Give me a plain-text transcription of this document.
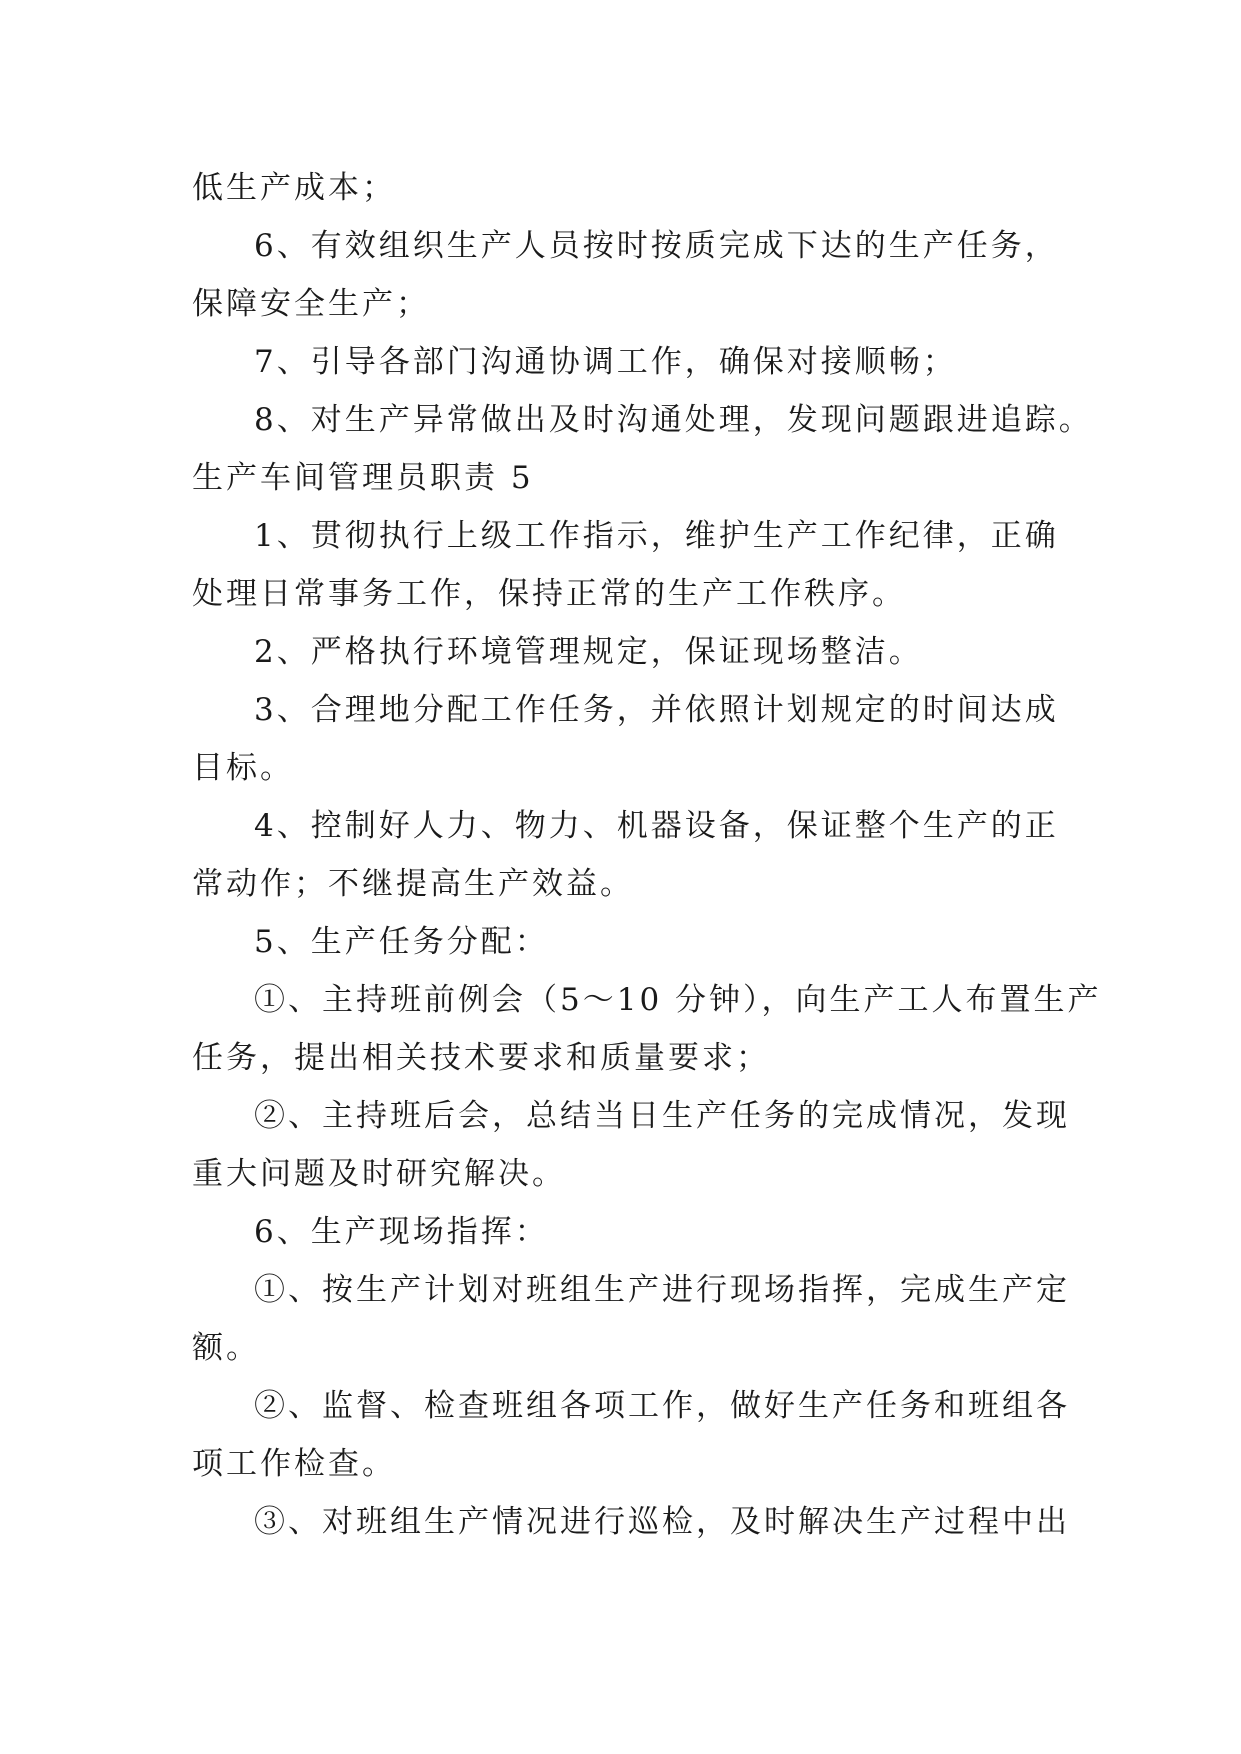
低生产成本；
6、有效组织生产人员按时按质完成下达的生产任务，
保障安全生产；
7、引导各部门沟通协调工作，确保对接顺畅；
8、对生产异常做出及时沟通处理，发现问题跟进追踪。
生产车间管理员职责 5
1、贯彻执行上级工作指示，维护生产工作纪律，正确
处理日常事务工作，保持正常的生产工作秩序。
2、严格执行环境管理规定，保证现场整洁。
3、合理地分配工作任务，并依照计划规定的时间达成
目标。
4、控制好人力、物力、机器设备，保证整个生产的正
常动作；不继提高生产效益。
5、生产任务分配：
①、主持班前例会（5～10 分钟），向生产工人布置生产
任务，提出相关技术要求和质量要求；
②、主持班后会，总结当日生产任务的完成情况，发现
重大问题及时研究解决。
6、生产现场指挥：
①、按生产计划对班组生产进行现场指挥，完成生产定
额。
②、监督、检查班组各项工作，做好生产任务和班组各
项工作检查。
③、对班组生产情况进行巡检，及时解决生产过程中出
